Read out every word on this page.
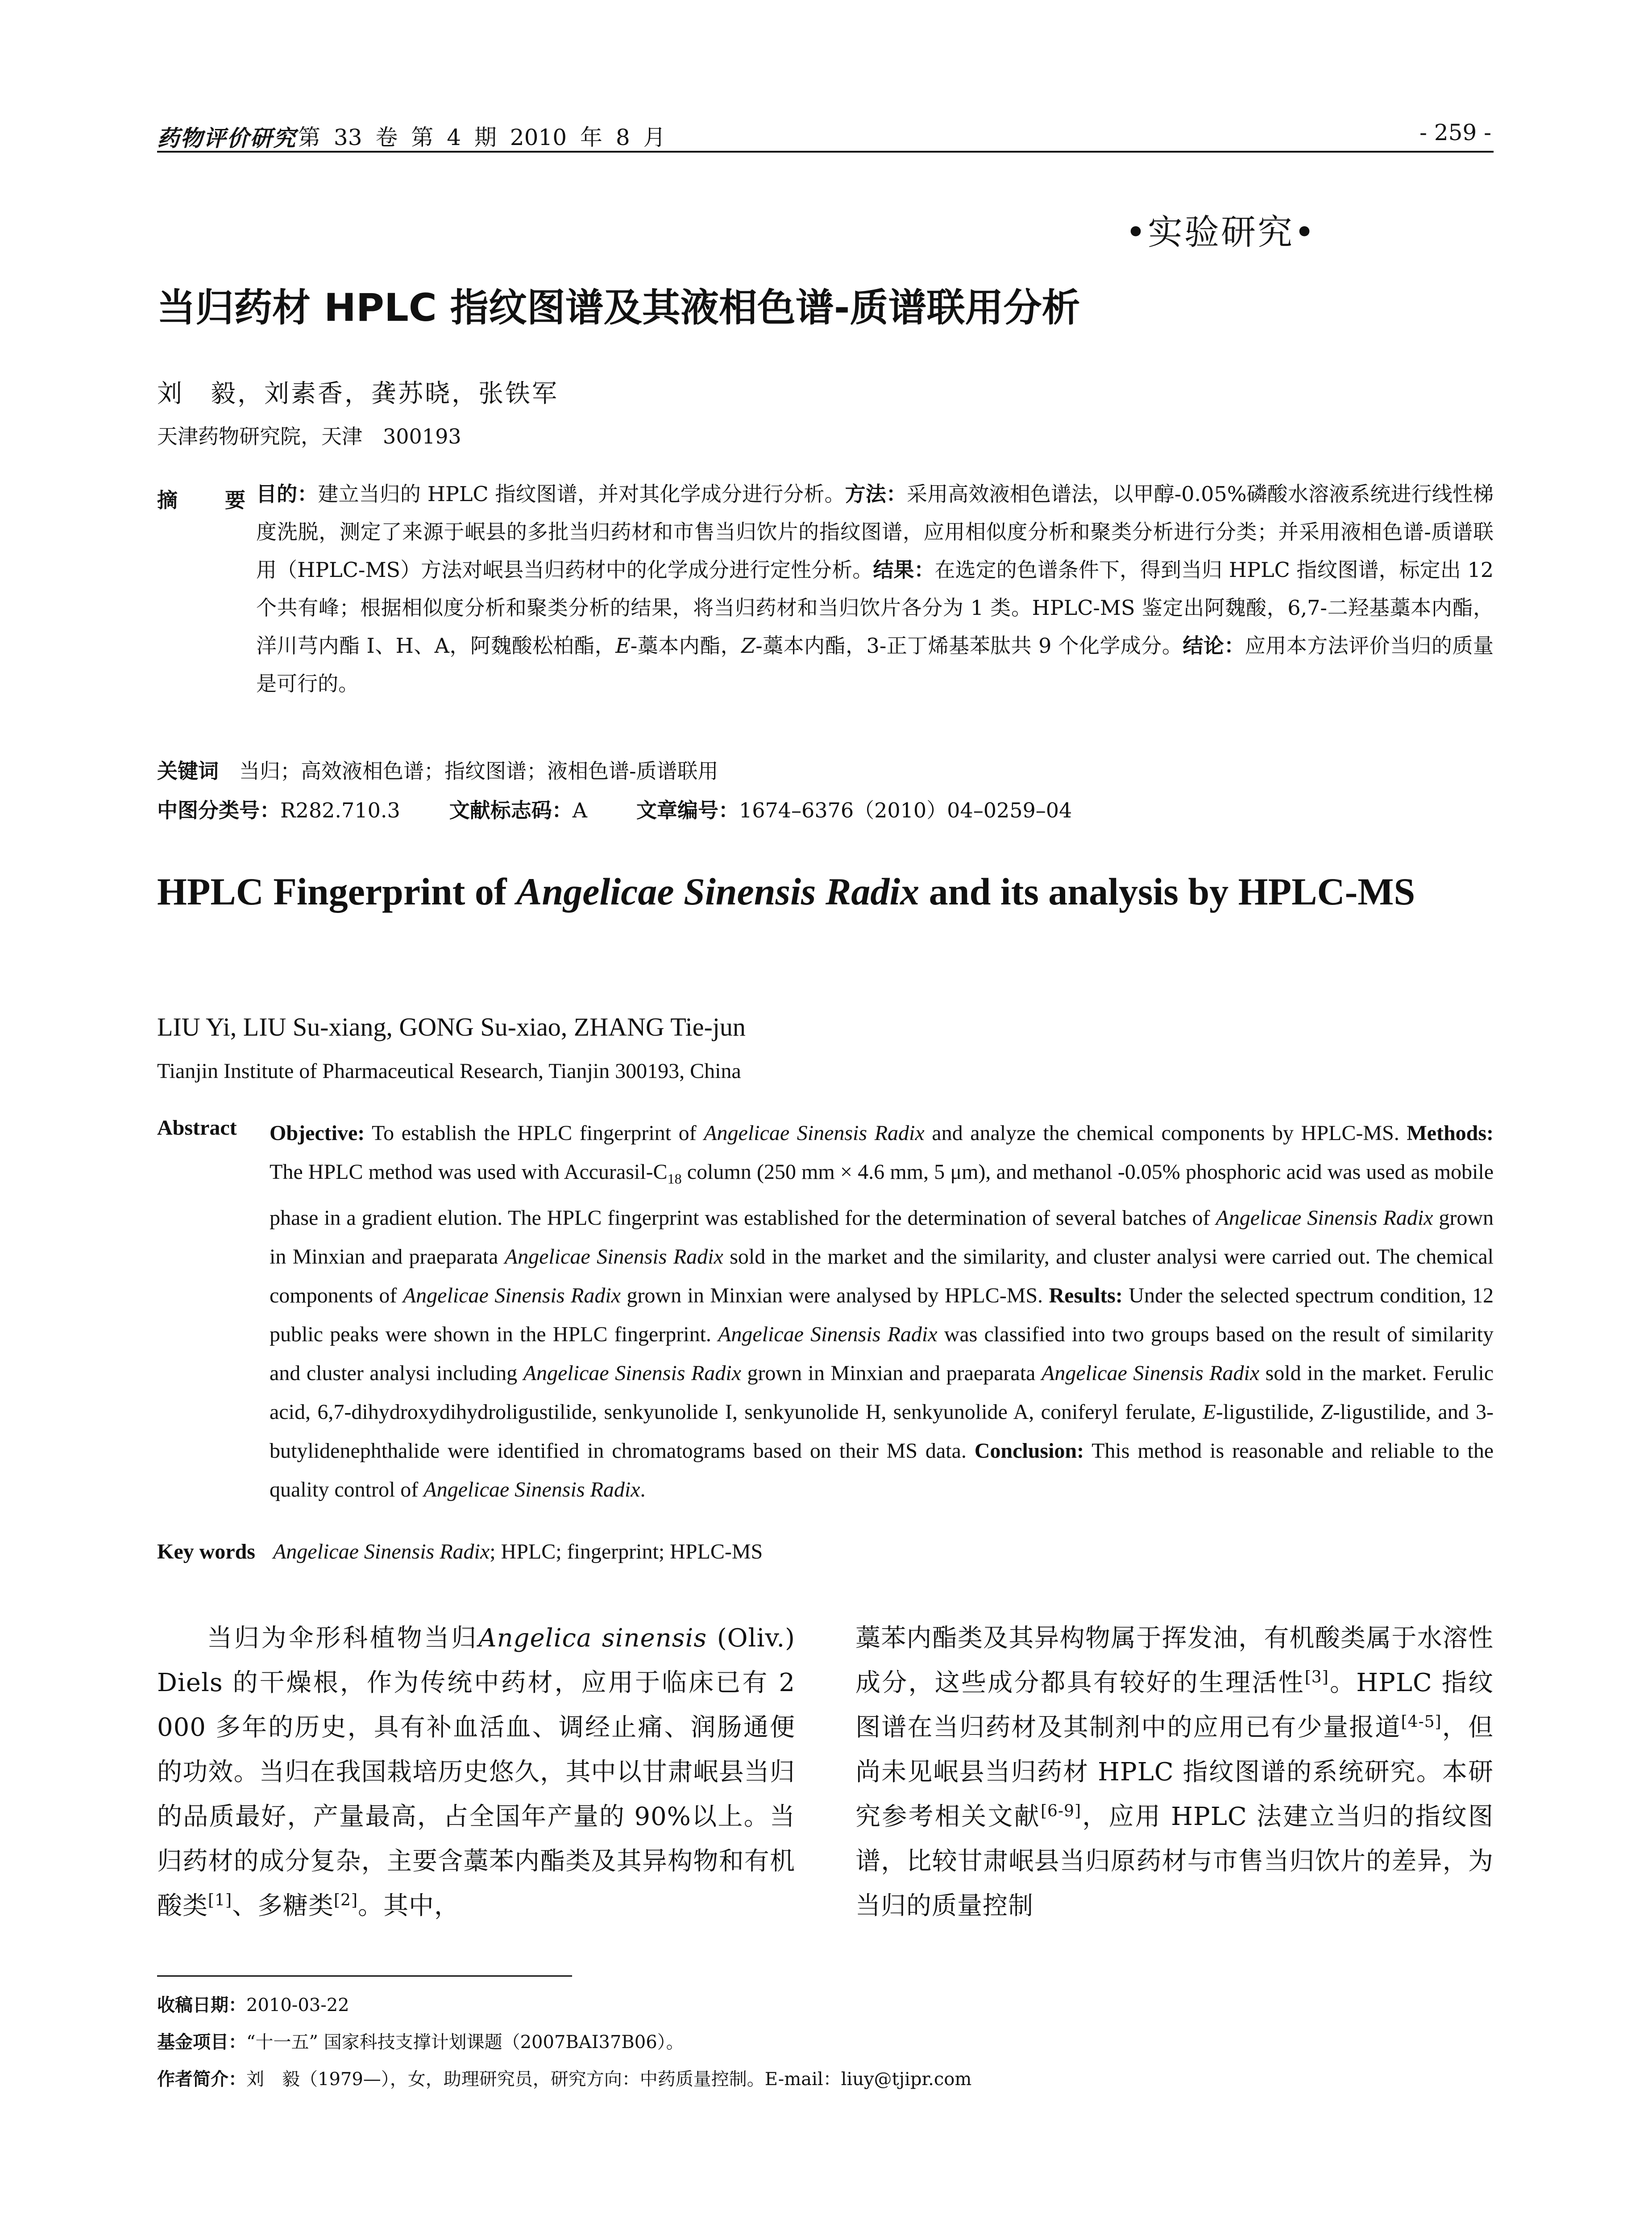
药物评价研究 第 33 卷 第 4 期 2010 年 8 月	- 259 -
•实验研究•
当归药材 HPLC 指纹图谱及其液相色谱-质谱联用分析
刘　毅，刘素香，龚苏晓，张铁军
天津药物研究院，天津　300193
摘　要
目的：建立当归的 HPLC 指纹图谱，并对其化学成分进行分析。方法：采用高效液相色谱法，以甲醇-0.05%磷酸水溶液系统进行线性梯度洗脱，测定了来源于岷县的多批当归药材和市售当归饮片的指纹图谱，应用相似度分析和聚类分析进行分类；并采用液相色谱-质谱联用（HPLC-MS）方法对岷县当归药材中的化学成分进行定性分析。结果：在选定的色谱条件下，得到当归 HPLC 指纹图谱，标定出 12 个共有峰；根据相似度分析和聚类分析的结果，将当归药材和当归饮片各分为 1 类。HPLC-MS 鉴定出阿魏酸，6,7-二羟基藁本内酯，洋川芎内酯 I、H、A，阿魏酸松柏酯，E-藁本内酯，Z-藁本内酯，3-正丁烯基苯肽共 9 个化学成分。结论：应用本方法评价当归的质量是可行的。
关键词　 当归；高效液相色谱；指纹图谱；液相色谱-质谱联用
中图分类号：R282.710.3 文献标志码：A 文章编号：1674–6376（2010）04–0259–04
HPLC Fingerprint of Angelicae Sinensis Radix and its analysis by HPLC-MS
LIU Yi, LIU Su-xiang, GONG Su-xiao, ZHANG Tie-jun
Tianjin Institute of Pharmaceutical Research, Tianjin 300193, China
Abstract Objective: To establish the HPLC fingerprint of Angelicae Sinensis Radix and analyze the chemical components by HPLC-MS. Methods: The HPLC method was used with Accurasil-$C_{18}$ column (250 mm × 4.6 mm, 5 μm), and methanol -0.05% phosphoric acid was used as mobile phase in a gradient elution. The HPLC fingerprint was established for the determination of several batches of Angelicae Sinensis Radix grown in Minxian and praeparata Angelicae Sinensis Radix sold in the market and the similarity, and cluster analysi were carried out. The chemical components of Angelicae Sinensis Radix grown in Minxian were analysed by HPLC-MS. Results: Under the selected spectrum condition, 12 public peaks were shown in the HPLC fingerprint. Angelicae Sinensis Radix was classified into two groups based on the result of similarity and cluster analysi including Angelicae Sinensis Radix grown in Minxian and praeparata Angelicae Sinensis Radix sold in the market. Ferulic acid, 6,7-dihydroxydihydroligustilide, senkyunolide I, senkyunolide H, senkyunolide A, coniferyl ferulate, E-ligustilide, Z-ligustilide, and 3-butylidenephthalide were identified in chromatograms based on their MS data. Conclusion: This method is reasonable and reliable to the quality control of Angelicae Sinensis Radix.
Key words Angelicae Sinensis Radix; HPLC; fingerprint; HPLC-MS
当归为伞形科植物当归Angelica sinensis (Oliv.) Diels 的干燥根，作为传统中药材，应用于临床已有 2 000 多年的历史，具有补血活血、调经止痛、润肠通便的功效。当归在我国栽培历史悠久，其中以甘肃岷县当归的品质最好，产量最高，占全国年产量的 90%以上。当归药材的成分复杂，主要含藁苯内酯类及其异构物和有机酸类[1]、多糖类[2]。其中，
藁苯内酯类及其异构物属于挥发油，有机酸类属于水溶性成分，这些成分都具有较好的生理活性[3]。HPLC 指纹图谱在当归药材及其制剂中的应用已有少量报道[4-5]，但尚未见岷县当归药材 HPLC 指纹图谱的系统研究。本研究参考相关文献[6-9]，应用 HPLC 法建立当归的指纹图谱，比较甘肃岷县当归原药材与市售当归饮片的差异，为当归的质量控制
收稿日期：2010-03-22
基金项目：“十一五” 国家科技支撑计划课题（2007BAI37B06）。
作者简介：刘　毅（1979—），女，助理研究员，研究方向：中药质量控制。E-mail：liuy@tjipr.com
